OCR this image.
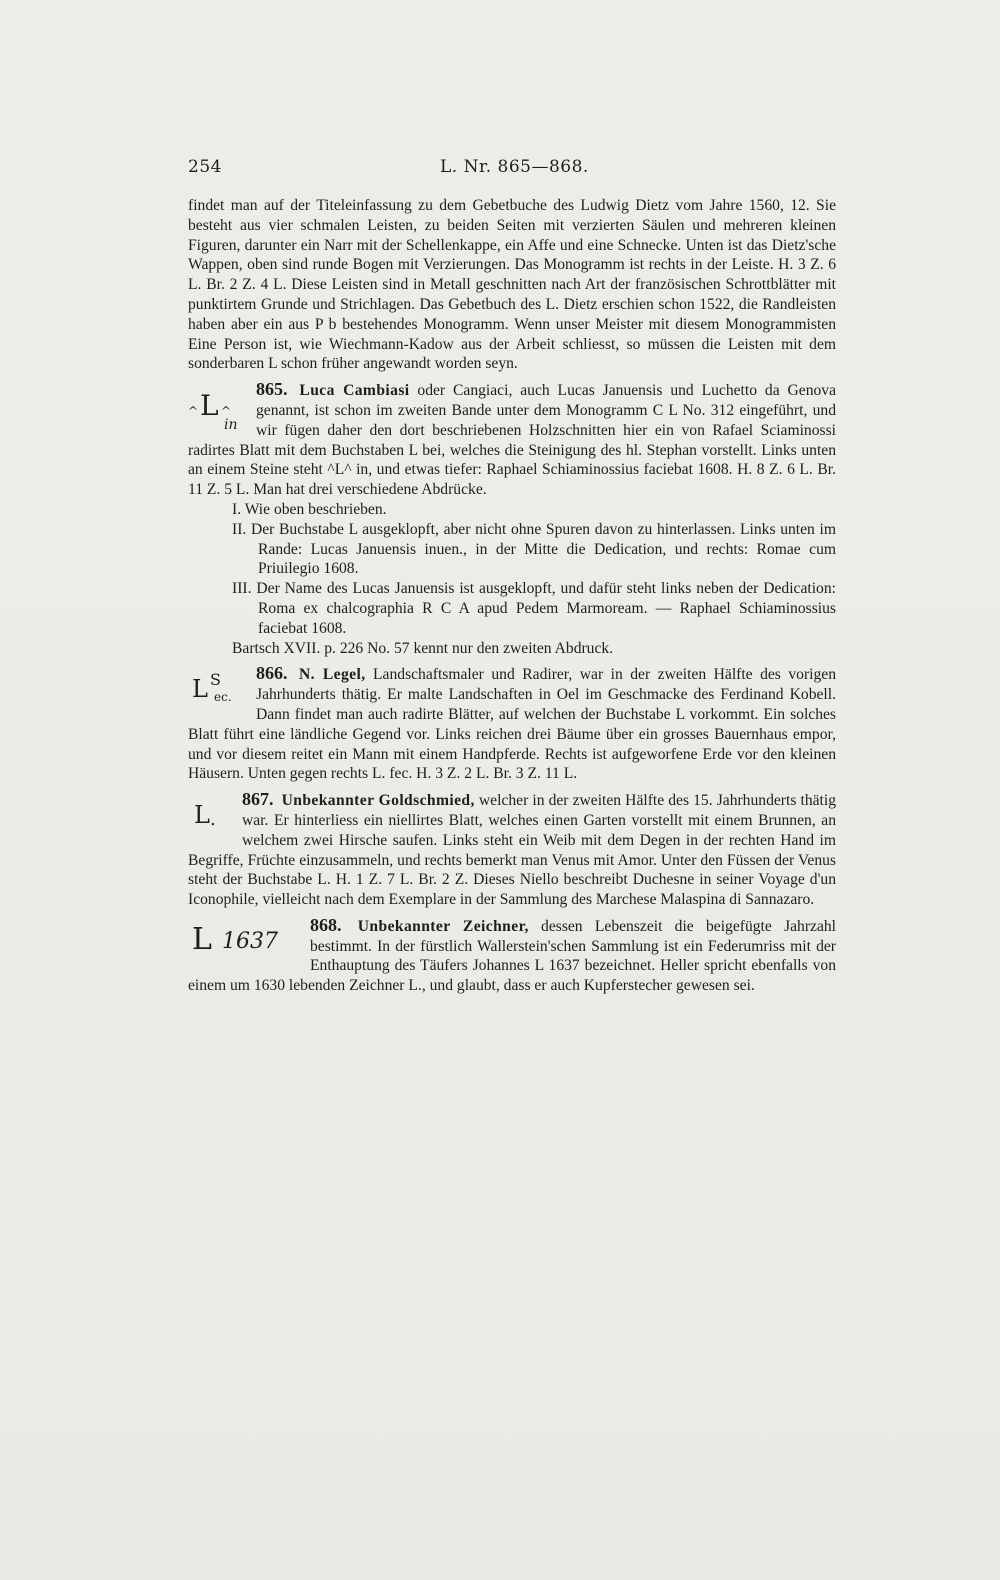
254	L. Nr. 865—868.

findet man auf der Titeleinfassung zu dem Gebetbuche des Ludwig Dietz vom Jahre 1560, 12. Sie besteht aus vier schmalen Leisten, zu beiden Seiten mit verzierten Säulen und mehreren kleinen Figuren, darunter ein Narr mit der Schellenkappe, ein Affe und eine Schnecke. Unten ist das Dietz'sche Wappen, oben sind runde Bogen mit Verzierungen. Das Monogramm ist rechts in der Leiste. H. 3 Z. 6 L. Br. 2 Z. 4 L. Diese Leisten sind in Metall geschnitten nach Art der französischen Schrottblätter mit punktirtem Grunde und Strichlagen. Das Gebetbuch des L. Dietz erschien schon 1522, die Randleisten haben aber ein aus P b bestehendes Monogramm. Wenn unser Meister mit diesem Monogrammisten Eine Person ist, wie Wiechmann-Kadow aus der Arbeit schliesst, so müssen die Leisten mit dem sonderbaren L schon früher angewandt worden seyn.

^ L ^
in

865. Luca Cambiasi oder Cangiaci, auch Lucas Januensis und Luchetto da Genova genannt, ist schon im zweiten Bande unter dem Monogramm C L No. 312 eingeführt, und wir fügen daher den dort beschriebenen Holzschnitten hier ein von Rafael Sciaminossi radirtes Blatt mit dem Buchstaben L bei, welches die Steinigung des hl. Stephan vorstellt. Links unten an einem Steine steht ^L^ in, und etwas tiefer: Raphael Schiaminossius faciebat 1608. H. 8 Z. 6 L. Br. 11 Z. 5 L. Man hat drei verschiedene Abdrücke.

I. Wie oben beschrieben.

II. Der Buchstabe L ausgeklopft, aber nicht ohne Spuren davon zu hinterlassen. Links unten im Rande: Lucas Januensis inuen., in der Mitte die Dedication, und rechts: Romae cum Priuilegio 1608.

III. Der Name des Lucas Januensis ist ausgeklopft, und dafür steht links neben der Dedication: Roma ex chalcographia R C A apud Pedem Marmoream. — Raphael Schiaminossius faciebat 1608.

Bartsch XVII. p. 226 No. 57 kennt nur den zweiten Abdruck.

L S
ec.

866. N. Legel, Landschaftsmaler und Radirer, war in der zweiten Hälfte des vorigen Jahrhunderts thätig. Er malte Landschaften in Oel im Geschmacke des Ferdinand Kobell. Dann findet man auch radirte Blätter, auf welchen der Buchstabe L vorkommt. Ein solches Blatt führt eine ländliche Gegend vor. Links reichen drei Bäume über ein grosses Bauernhaus empor, und vor diesem reitet ein Mann mit einem Handpferde. Rechts ist aufgeworfene Erde vor den kleinen Häusern. Unten gegen rechts L. fec. H. 3 Z. 2 L. Br. 3 Z. 11 L.

L .

867. Unbekannter Goldschmied, welcher in der zweiten Hälfte des 15. Jahrhunderts thätig war. Er hinterliess ein niellirtes Blatt, welches einen Garten vorstellt mit einem Brunnen, an welchem zwei Hirsche saufen. Links steht ein Weib mit dem Degen in der rechten Hand im Begriffe, Früchte einzusammeln, und rechts bemerkt man Venus mit Amor. Unter den Füssen der Venus steht der Buchstabe L. H. 1 Z. 7 L. Br. 2 Z. Dieses Niello beschreibt Duchesne in seiner Voyage d'un Iconophile, vielleicht nach dem Exemplare in der Sammlung des Marchese Malaspina di Sannazaro.

L 1637

868. Unbekannter Zeichner, dessen Lebenszeit die beigefügte Jahrzahl bestimmt. In der fürstlich Wallerstein'schen Sammlung ist ein Federumriss mit der Enthauptung des Täufers Johannes L 1637 bezeichnet. Heller spricht ebenfalls von einem um 1630 lebenden Zeichner L., und glaubt, dass er auch Kupferstecher gewesen sei.
